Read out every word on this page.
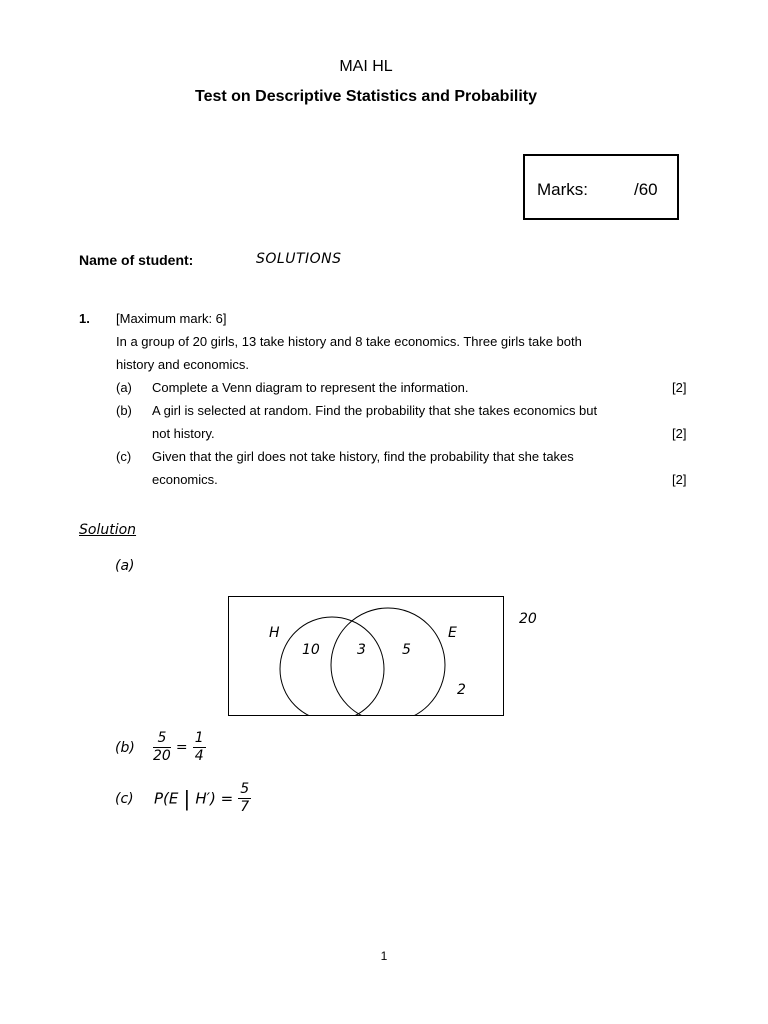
MAI HL
Test on Descriptive Statistics and Probability
Marks:	/60
Name of student:	SOLUTIONS
1. [Maximum mark: 6]
In a group of 20 girls, 13 take history and 8 take economics. Three girls take both
history and economics.
(a) Complete a Venn diagram to represent the information.	[2]
(b) A girl is selected at random. Find the probability that she takes economics but
not history.	[2]
(c) Given that the girl does not take history, find the probability that she takes
economics.	[2]
Solution
(a)
20
H	E
10	3	5
2
$(b) \frac{5}{20} = \frac{1}{4}$
(c) P(E | $H') = \frac{5}{7}$
1
